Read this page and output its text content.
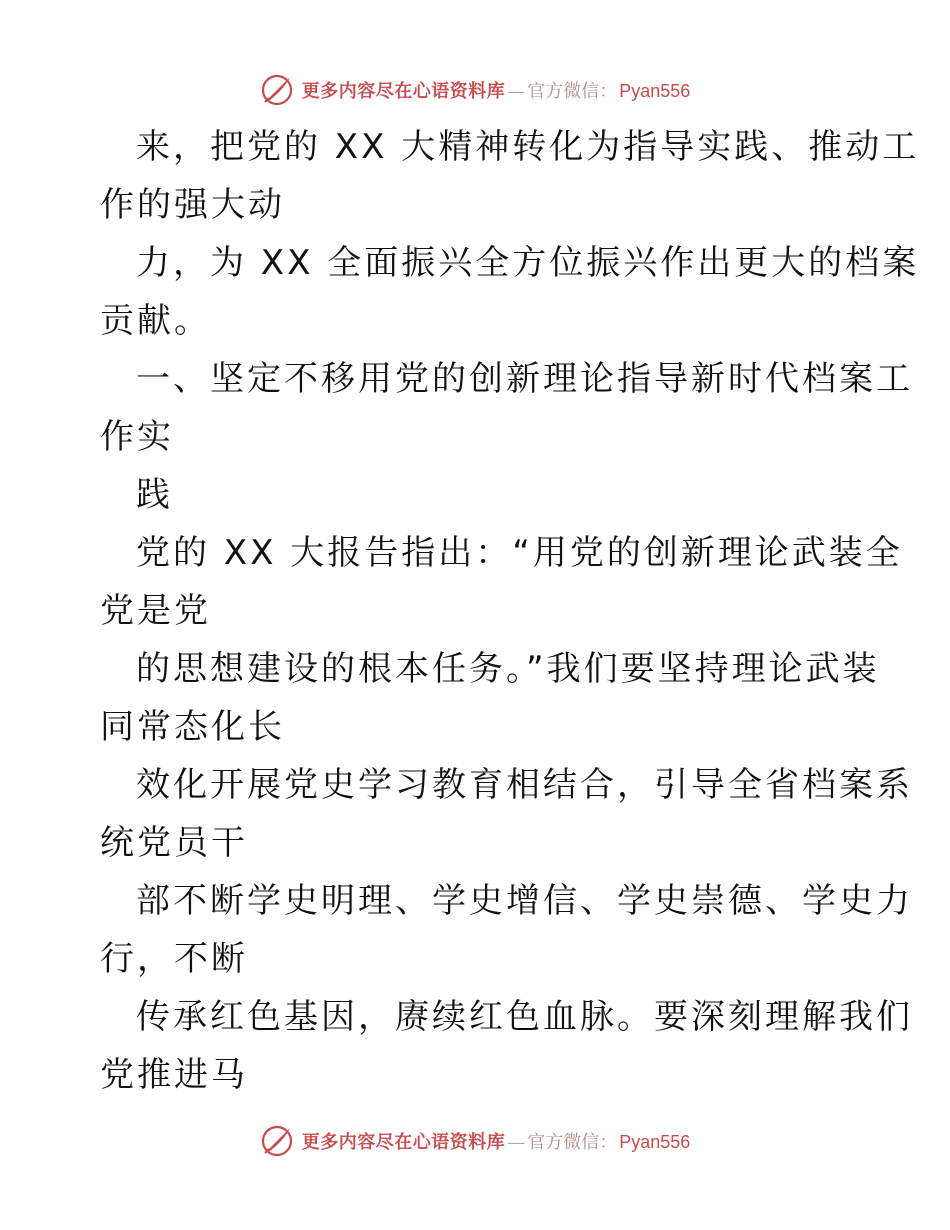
更多内容尽在心语资料库 — 官方微信： Pyan556
来，把党的 XX 大精神转化为指导实践、推动工
作的强大动
力，为 XX 全面振兴全方位振兴作出更大的档案
贡献。
一、坚定不移用党的创新理论指导新时代档案工
作实
践
党的 XX 大报告指出：“用党的创新理论武装全
党是党
的思想建设的根本任务。”我们要坚持理论武装
同常态化长
效化开展党史学习教育相结合，引导全省档案系
统党员干
部不断学史明理、学史增信、学史崇德、学史力
行，不断
传承红色基因，赓续红色血脉。要深刻理解我们
党推进马
更多内容尽在心语资料库 — 官方微信： Pyan556
